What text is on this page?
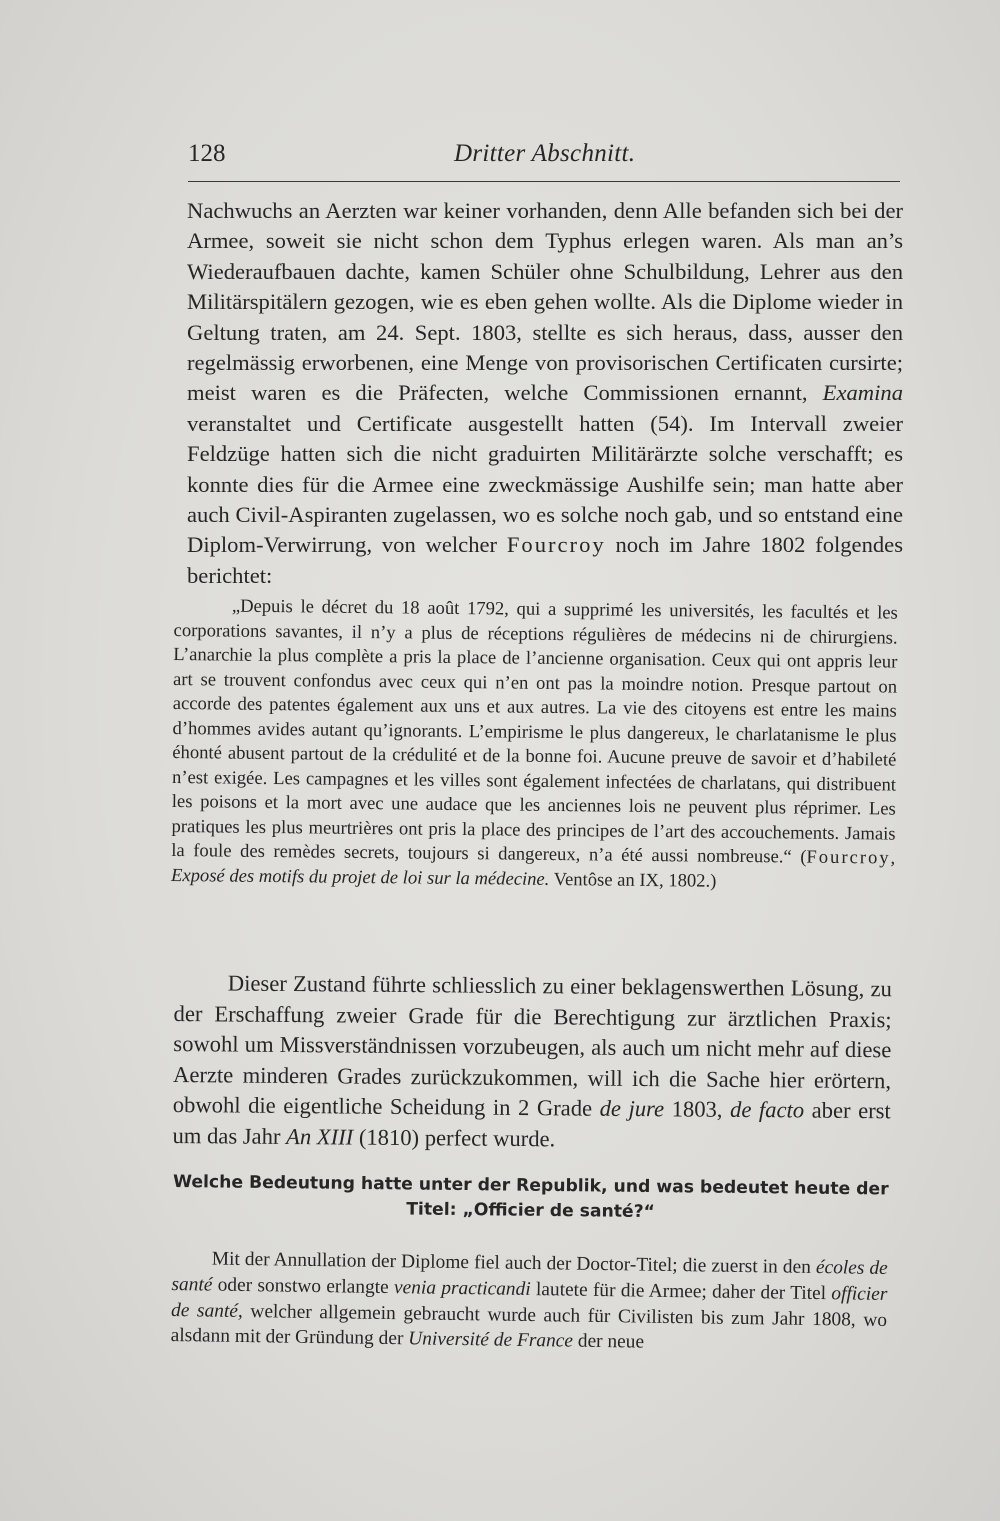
128	Dritter Abschnitt.

Nachwuchs an Aerzten war keiner vorhanden, denn Alle befanden sich bei der Armee, soweit sie nicht schon dem Typhus erlegen waren. Als man an’s Wiederaufbauen dachte, kamen Schüler ohne Schulbildung, Lehrer aus den Militärspitälern gezogen, wie es eben gehen wollte. Als die Diplome wieder in Geltung traten, am 24. Sept. 1803, stellte es sich heraus, dass, ausser den regelmässig erworbenen, eine Menge von provisorischen Certificaten cursirte; meist waren es die Präfecten, welche Commissionen ernannt, Examina veranstaltet und Certificate ausgestellt hatten (54). Im Intervall zweier Feldzüge hatten sich die nicht graduirten Militärärzte solche verschafft; es konnte dies für die Armee eine zweckmässige Aushilfe sein; man hatte aber auch Civil-Aspiranten zugelassen, wo es solche noch gab, und so entstand eine Diplom-Verwirrung, von welcher Fourcroy noch im Jahre 1802 folgendes berichtet:

„Depuis le décret du 18 août 1792, qui a supprimé les universités, les facultés et les corporations savantes, il n’y a plus de réceptions régulières de médecins ni de chirurgiens. L’anarchie la plus complète a pris la place de l’ancienne organisation. Ceux qui ont appris leur art se trouvent confondus avec ceux qui n’en ont pas la moindre notion. Presque partout on accorde des patentes également aux uns et aux autres. La vie des citoyens est entre les mains d’hommes avides autant qu’ignorants. L’empirisme le plus dangereux, le charlatanisme le plus éhonté abusent partout de la crédulité et de la bonne foi. Aucune preuve de savoir et d’habileté n’est exigée. Les campagnes et les villes sont également infectées de charlatans, qui distribuent les poisons et la mort avec une audace que les anciennes lois ne peuvent plus réprimer. Les pratiques les plus meurtrières ont pris la place des principes de l’art des accouchements. Jamais la foule des remèdes secrets, toujours si dangereux, n’a été aussi nombreuse.“ (Fourcroy, Exposé des motifs du projet de loi sur la médecine. Ventôse an IX, 1802.)

Dieser Zustand führte schliesslich zu einer beklagenswerthen Lösung, zu der Erschaffung zweier Grade für die Berechtigung zur ärztlichen Praxis; sowohl um Missverständnissen vorzubeugen, als auch um nicht mehr auf diese Aerzte minderen Grades zurückzukommen, will ich die Sache hier erörtern, obwohl die eigentliche Scheidung in 2 Grade de jure 1803, de facto aber erst um das Jahr An XIII (1810) perfect wurde.

Welche Bedeutung hatte unter der Republik, und was bedeutet heute der
Titel: „Officier de santé?“

Mit der Annullation der Diplome fiel auch der Doctor-Titel; die zuerst in den écoles de santé oder sonstwo erlangte venia practicandi lautete für die Armee; daher der Titel officier de santé, welcher allgemein gebraucht wurde auch für Civilisten bis zum Jahr 1808, wo alsdann mit der Gründung der Université de France der neue
